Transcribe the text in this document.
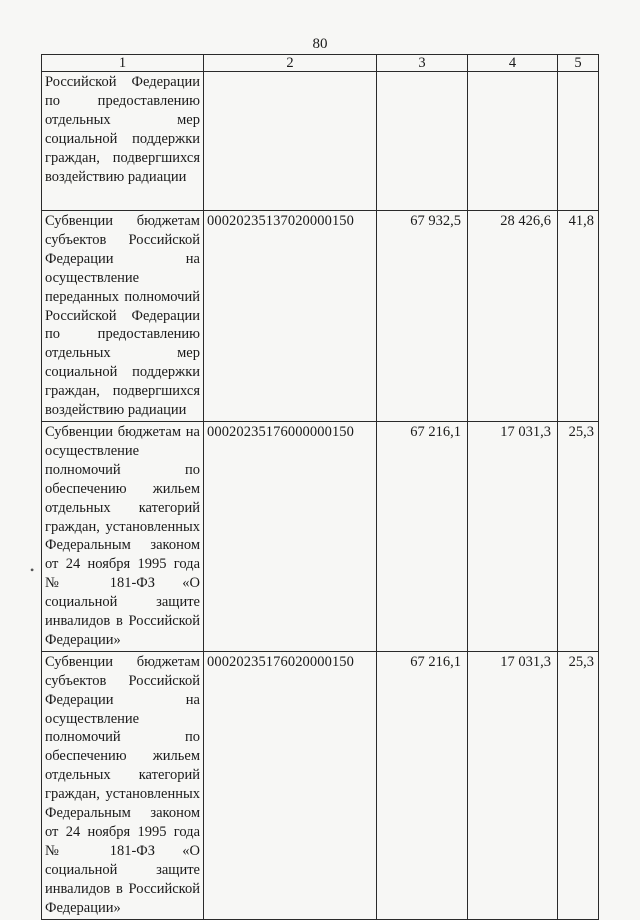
80
1	2	3	4	5
Российской Федерации по предоставлению отдельных мер социальной поддержки граждан, подвергшихся воздействию радиации				
Субвенции бюджетам субъектов Российской Федерации на осуществление переданных полномочий Российской Федерации по предоставлению отдельных мер социальной поддержки граждан, подвергшихся воздействию радиации	00020235137020000150	67 932,5	28 426,6	41,8
Субвенции бюджетам на осуществление полномочий по обеспечению жильем отдельных категорий граждан, установленных Федеральным законом от 24 ноября 1995 года № 181-ФЗ «О социальной защите инвалидов в Российской Федерации»	00020235176000000150	67 216,1	17 031,3	25,3
Субвенции бюджетам субъектов Российской Федерации на осуществление полномочий по обеспечению жильем отдельных категорий граждан, установленных Федеральным законом от 24 ноября 1995 года № 181-ФЗ «О социальной защите инвалидов в Российской Федерации»	00020235176020000150	67 216,1	17 031,3	25,3
•
